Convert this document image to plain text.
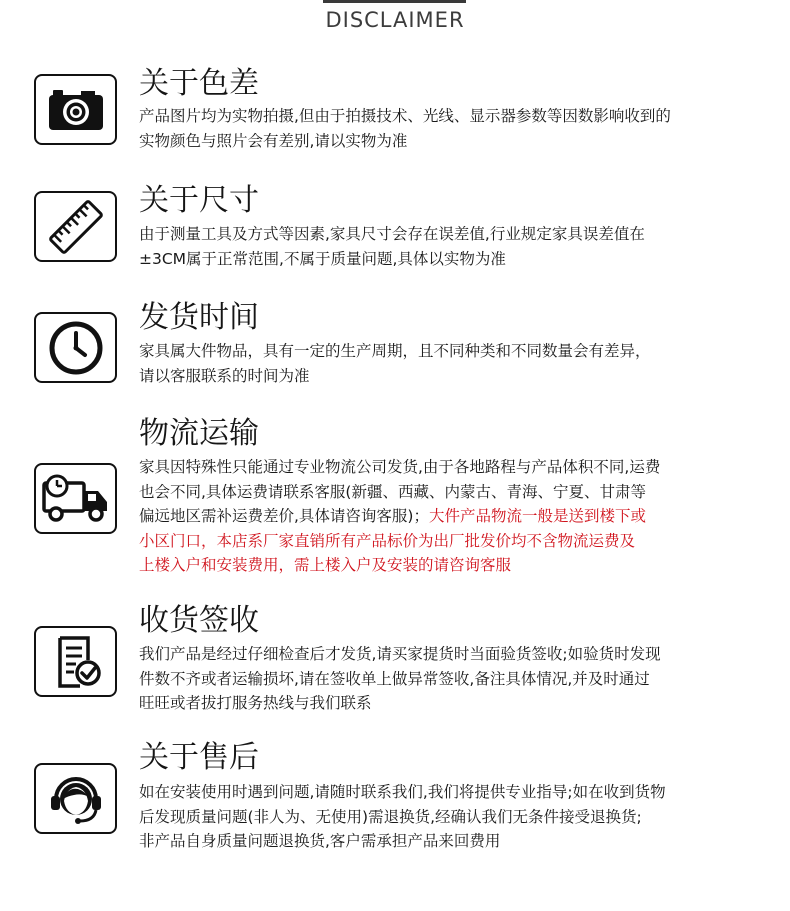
DISCLAIMER
关于色差
产品图片均为实物拍摄,但由于拍摄技术、光线、显示器参数等因数影响收到的
实物颜色与照片会有差别,请以实物为准
关于尺寸
由于测量工具及方式等因素,家具尺寸会存在误差值,行业规定家具误差值在
±3CM属于正常范围,不属于质量问题,具体以实物为准
发货时间
家具属大件物品，具有一定的生产周期，且不同种类和不同数量会有差异，
请以客服联系的时间为准
物流运输
家具因特殊性只能通过专业物流公司发货,由于各地路程与产品体积不同,运费
也会不同,具体运费请联系客服(新疆、西藏、内蒙古、青海、宁夏、甘肃等
偏远地区需补运费差价,具体请咨询客服)；大件产品物流一般是送到楼下或
小区门口，本店系厂家直销所有产品标价为出厂批发价均不含物流运费及
上楼入户和安装费用，需上楼入户及安装的请咨询客服
收货签收
我们产品是经过仔细检查后才发货,请买家提货时当面验货签收;如验货时发现
件数不齐或者运输损坏,请在签收单上做异常签收,备注具体情况,并及时通过
旺旺或者拔打服务热线与我们联系
关于售后
如在安装使用时遇到问题,请随时联系我们,我们将提供专业指导;如在收到货物
后发现质量问题(非人为、无使用)需退换货,经确认我们无条件接受退换货;
非产品自身质量问题退换货,客户需承担产品来回费用
